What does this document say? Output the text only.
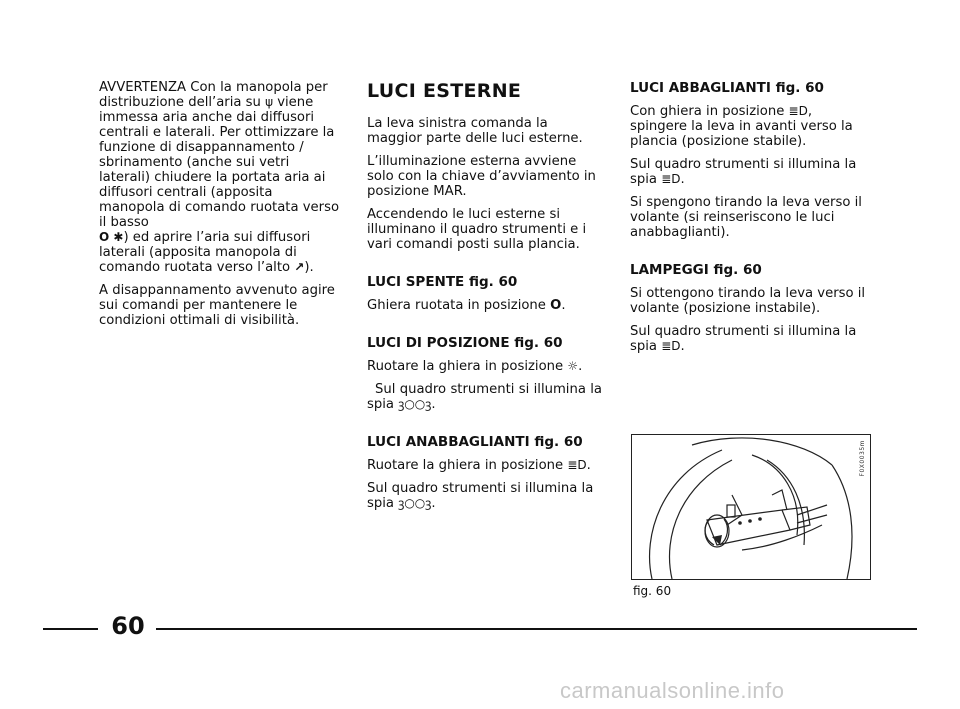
AVVERTENZA Con la manopola per distribuzione dell’aria su ψ viene immessa aria anche dai diffusori centrali e laterali. Per ottimizzare la funzione di disappannamento / sbrinamento (anche sui vetri laterali) chiudere la portata aria ai diffusori centrali (apposita manopola di comando ruotata verso il basso
O ✱) ed aprire l’aria sui diffusori laterali (apposita manopola di comando ruotata verso l’alto ↗).

A disappannamento avvenuto agire sui comandi per mantenere le condizioni ottimali di visibilità.

LUCI ESTERNE

La leva sinistra comanda la maggior parte delle luci esterne.

L’illuminazione esterna avviene solo con la chiave d’avviamento in posizione MAR.

Accendendo le luci esterne si illuminano il quadro strumenti e i vari comandi posti sulla plancia.

LUCI SPENTE fig. 60

Ghiera ruotata in posizione O.

LUCI DI POSIZIONE fig. 60

Ruotare la ghiera in posizione ☼.

Sul quadro strumenti si illumina la spia ꝫ○○ꝫ.

LUCI ANABBAGLIANTI fig. 60

Ruotare la ghiera in posizione ≣D.

Sul quadro strumenti si illumina la spia ꝫ○○ꝫ.

LUCI ABBAGLIANTI fig. 60

Con ghiera in posizione ≣D, spingere la leva in avanti verso la plancia (posizione stabile).

Sul quadro strumenti si illumina la spia ≣D.

Si spengono tirando la leva verso il volante (si reinseriscono le luci anabbaglianti).

LAMPEGGI fig. 60

Si ottengono tirando la leva verso il volante (posizione instabile).

Sul quadro strumenti si illumina la spia ≣D.

F0X0035m
fig. 60
60
carmanualsonline.info
